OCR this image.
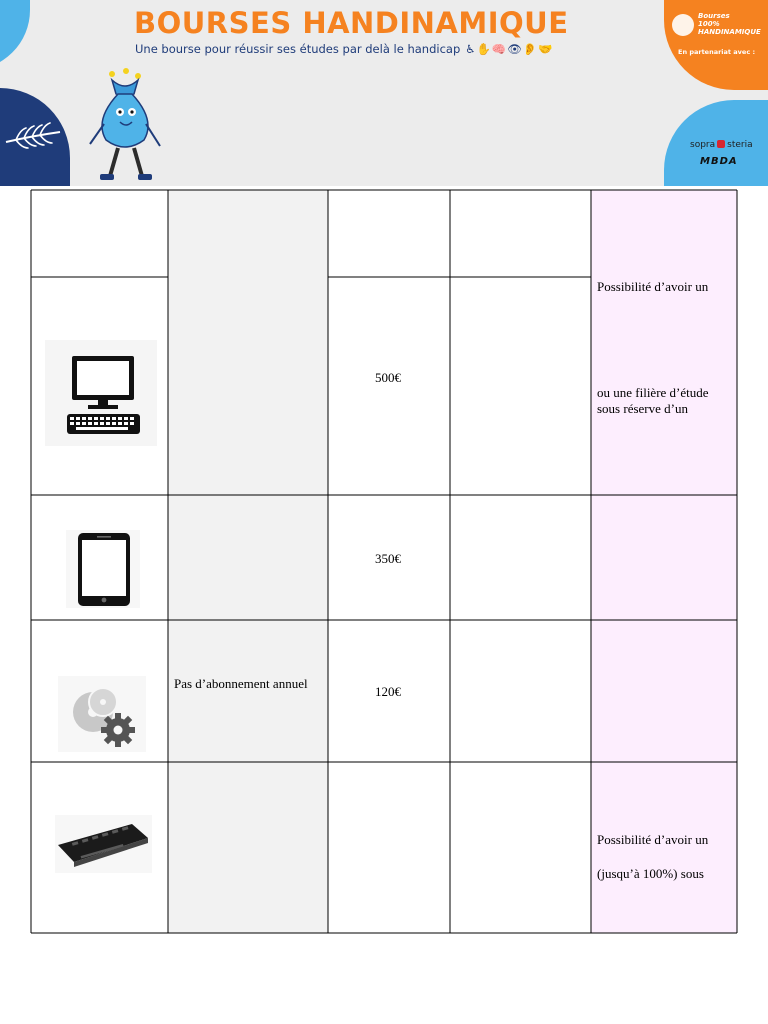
BOURSES HANDINAMIQUE
Une bourse pour réussir ses études par delà le handicap ♿✋🧠👁👂🤝
Bourses
100%
HANDINAMIQUE
En partenariat avec :
sopra steria
MBDA
500€
Possibilité d’avoir un
ou une filière d’étude
sous réserve d’un
350€
Pas d’abonnement annuel
120€
Possibilité d’avoir un
(jusqu’à 100%) sous
